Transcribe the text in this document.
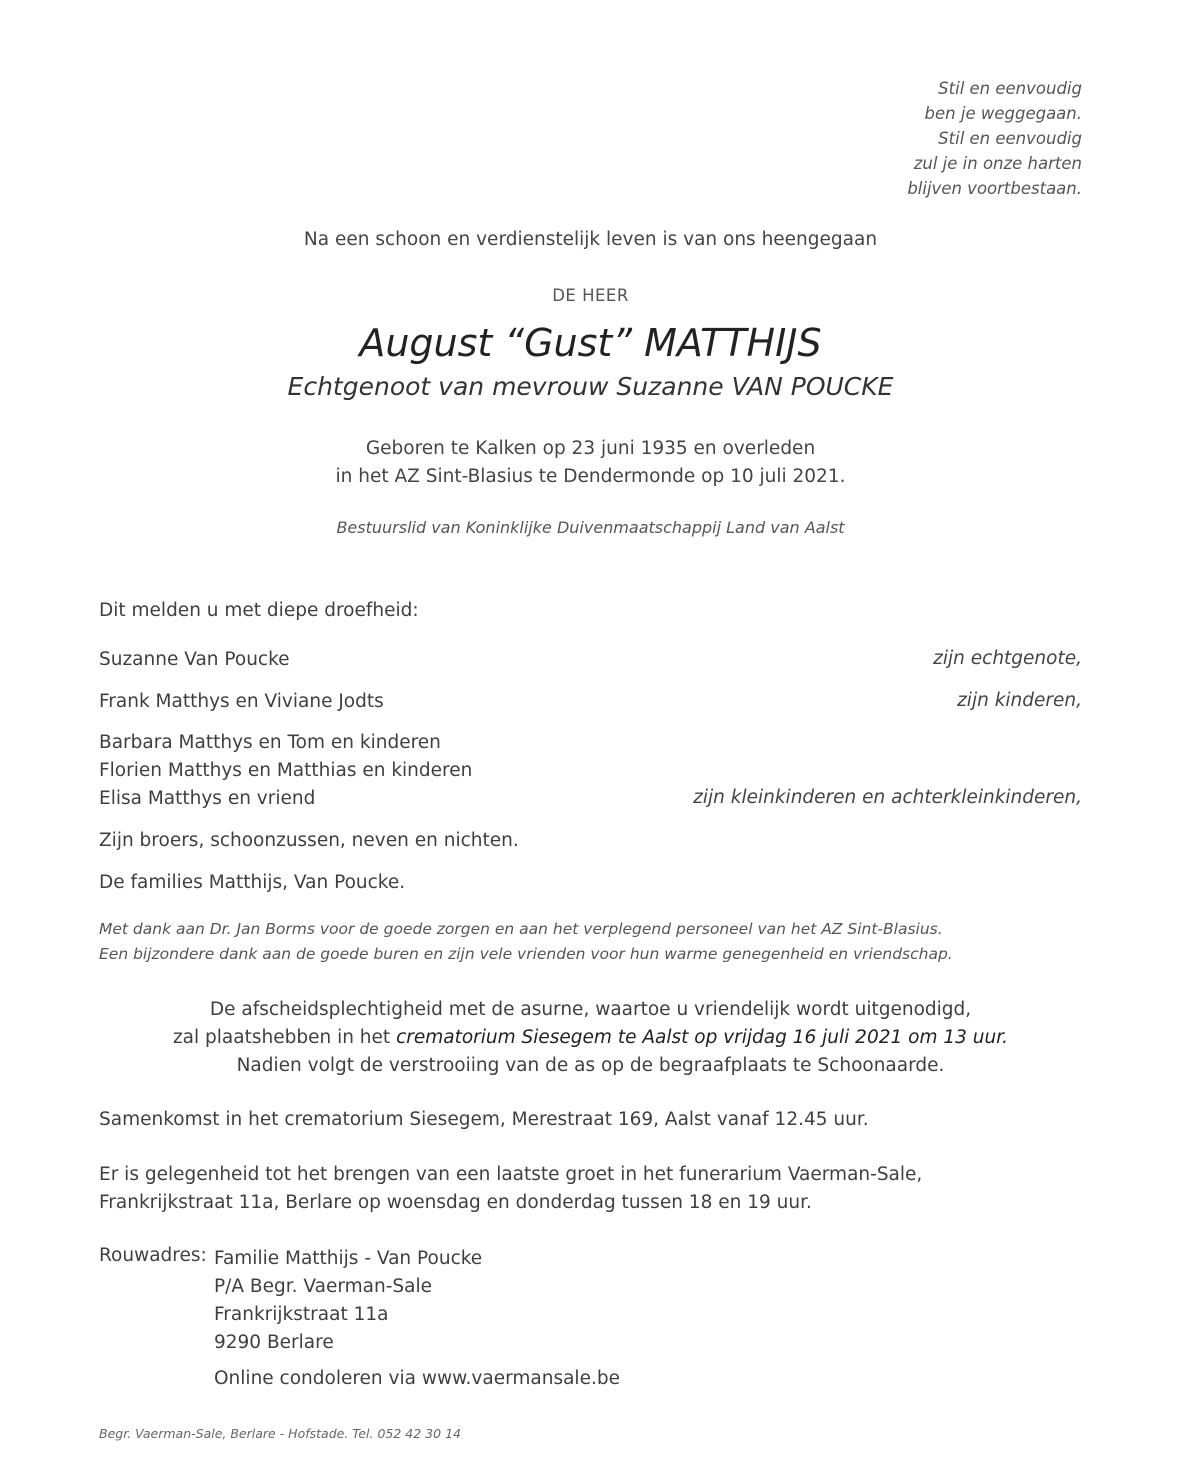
Stil en eenvoudig
ben je weggegaan.
Stil en eenvoudig
zul je in onze harten
blijven voortbestaan.
Na een schoon en verdienstelijk leven is van ons heengegaan
DE HEER
August “Gust” MATTHIJS
Echtgenoot van mevrouw Suzanne VAN POUCKE
Geboren te Kalken op 23 juni 1935 en overleden
in het AZ Sint-Blasius te Dendermonde op 10 juli 2021.
Bestuurslid van Koninklijke Duivenmaatschappij Land van Aalst
Dit melden u met diepe droefheid:
Suzanne Van Poucke	zijn echtgenote,
Frank Matthys en Viviane Jodts	zijn kinderen,
Barbara Matthys en Tom en kinderen
Florien Matthys en Matthias en kinderen
Elisa Matthys en vriend	zijn kleinkinderen en achterkleinkinderen,
Zijn broers, schoonzussen, neven en nichten.
De families Matthijs, Van Poucke.
Met dank aan Dr. Jan Borms voor de goede zorgen en aan het verplegend personeel van het AZ Sint-Blasius.
Een bijzondere dank aan de goede buren en zijn vele vrienden voor hun warme genegenheid en vriendschap.
De afscheidsplechtigheid met de asurne, waartoe u vriendelijk wordt uitgenodigd,
zal plaatshebben in het crematorium Siesegem te Aalst op vrijdag 16 juli 2021 om 13 uur.
Nadien volgt de verstrooiing van de as op de begraafplaats te Schoonaarde.
Samenkomst in het crematorium Siesegem, Merestraat 169, Aalst vanaf 12.45 uur.
Er is gelegenheid tot het brengen van een laatste groet in het funerarium Vaerman-Sale,
Frankrijkstraat 11a, Berlare op woensdag en donderdag tussen 18 en 19 uur.
Rouwadres: Familie Matthijs - Van Poucke
P/A Begr. Vaerman-Sale
Frankrijkstraat 11a
9290 Berlare
Online condoleren via www.vaermansale.be
Begr. Vaerman-Sale, Berlare - Hofstade. Tel. 052 42 30 14
